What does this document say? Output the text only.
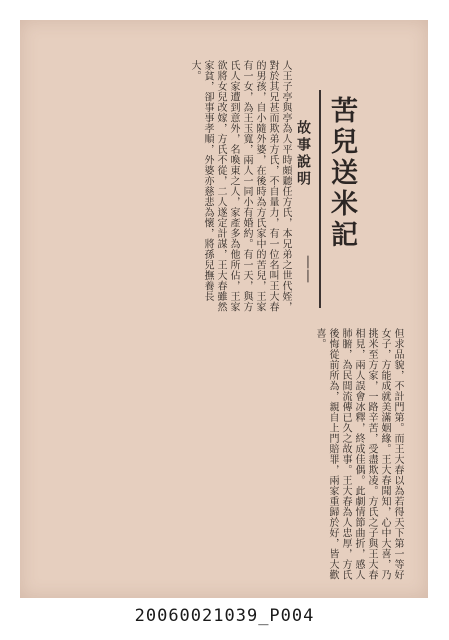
苦兒送米記
故事說明
——
人王子亭與亭為人平時頗聽任方氏，本兄弟之世代姪，對於其兄甚而欺弟方氏，不自量力，有一位名叫王大春的男孩，自小隨外婆，在後時為方氏家中的苦兒，王家有一女，為王玉寬，兩人一同小有婚約。有一天，與方氏人家遭到意外，名喚東之人，家產多為他所佔，王家欲將女兒改嫁，方氏不從，二人遂定計謀，王大春雖然家貧，卻事事孝順，外婆亦慈悲為懷，將孫兒撫養長大。
但求品貌，不計門第。而王大春以為若得天下第一等好女子，方能成就美滿姻緣。王大春聞知，心中大喜，乃挑米至方家，一路辛苦，受盡欺凌。方氏之子與王大春相見，兩人誤會冰釋，終成佳偶。此劇情節曲折，感人肺腑，為民間流傳已久之故事。王大春為人忠厚，方氏後悔從前所為，親自上門賠罪，兩家重歸於好，皆大歡喜。
20060021039_P004
